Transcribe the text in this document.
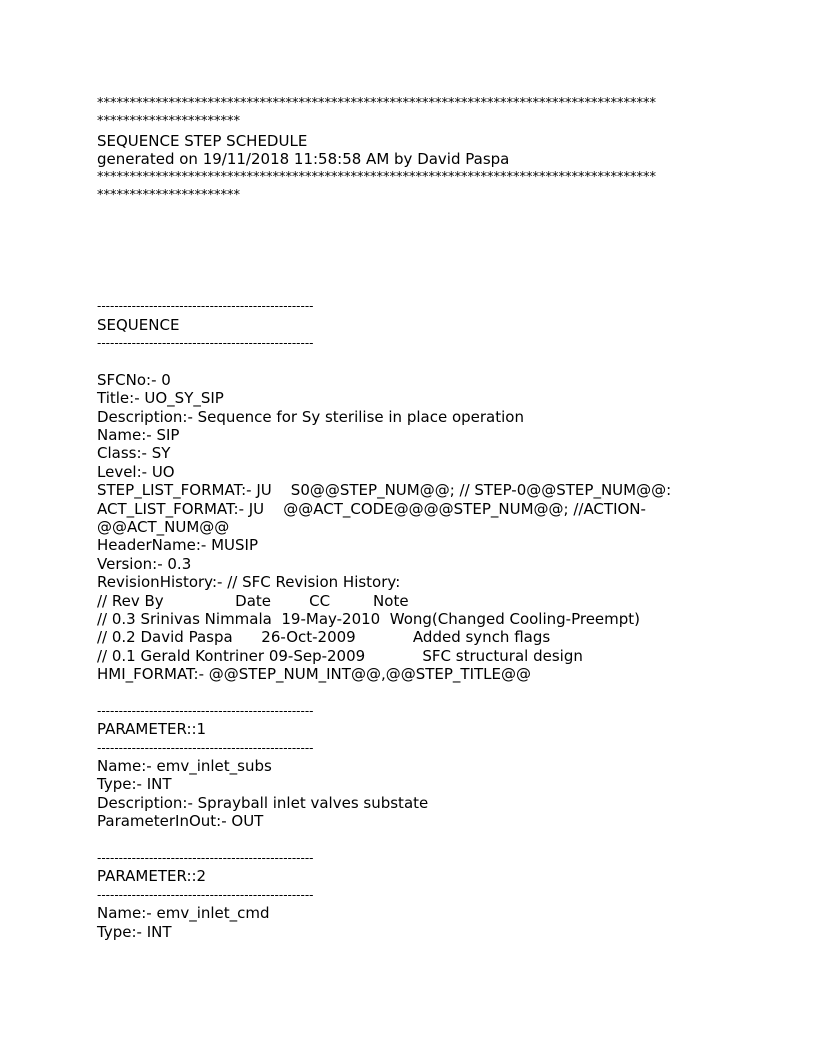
**************************************************************************************
**********************
SEQUENCE STEP SCHEDULE
generated on 19/11/2018 11:58:58 AM by David Paspa
**************************************************************************************
**********************
--------------------------------------------------
SEQUENCE
--------------------------------------------------
SFCNo:- 0
Title:- UO_SY_SIP
Description:- Sequence for Sy sterilise in place operation
Name:- SIP
Class:- SY
Level:- UO
STEP_LIST_FORMAT:- JU    S0@@STEP_NUM@@; // STEP-0@@STEP_NUM@@:
ACT_LIST_FORMAT:- JU    @@ACT_CODE@@@@STEP_NUM@@; //ACTION-
@@ACT_NUM@@
HeaderName:- MUSIP
Version:- 0.3
RevisionHistory:- // SFC Revision History:
// Rev By               Date        CC         Note
// 0.3 Srinivas Nimmala  19-May-2010  Wong(Changed Cooling-Preempt)
// 0.2 David Paspa      26-Oct-2009            Added synch flags
// 0.1 Gerald Kontriner 09-Sep-2009            SFC structural design
HMI_FORMAT:- @@STEP_NUM_INT@@,@@STEP_TITLE@@
--------------------------------------------------
PARAMETER::1
--------------------------------------------------
Name:- emv_inlet_subs
Type:- INT
Description:- Sprayball inlet valves substate
ParameterInOut:- OUT
--------------------------------------------------
PARAMETER::2
--------------------------------------------------
Name:- emv_inlet_cmd
Type:- INT
